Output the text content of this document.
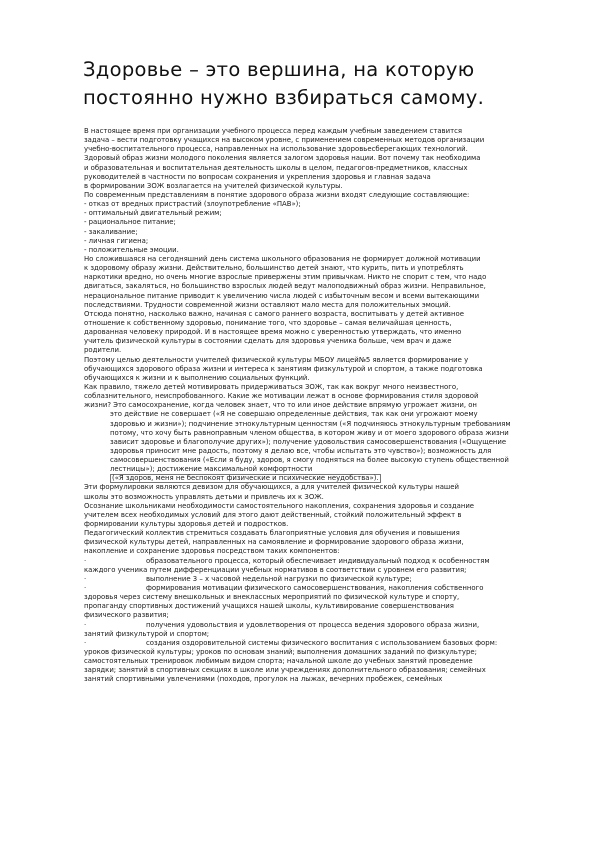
Здоровье – это вершина, на которую
постоянно нужно взбираться самому.
В настоящее время при организации учебного процесса перед каждым учебным заведением ставится
задача – вести подготовку учащихся на высоком уровне, с применением современных методов организации
учебно-воспитательного процесса, направленных на использование здоровьесберегающих технологий.
Здоровый образ жизни молодого поколения является залогом здоровья нации. Вот почему так необходима
и образовательная и воспитательная деятельность школы в целом, педагогов-предметников, классных
руководителей в частности по вопросам сохранения и укрепления здоровья и главная задача
в формировании ЗОЖ возлагается на учителей физической культуры.
По современным представлениям в понятие здорового образа жизни входят следующие составляющие:
- отказ от вредных пристрастий (злоупотребление «ПАВ»);
- оптимальный двигательный режим;
- рациональное питание;
- закаливание;
- личная гигиена;
- положительные эмоции.
Но сложившаяся на сегодняшний день система школьного образования не формирует должной мотивации
к здоровому образу жизни. Действительно, большинство детей знают, что курить, пить и употреблять
наркотики вредно, но очень многие взрослые привержены этим привычкам. Никто не спорит с тем, что надо
двигаться, закаляться, но большинство взрослых людей ведут малоподвижный образ жизни. Неправильное,
нерациональное питание приводит к увеличению числа людей с избыточным весом и всеми вытекающими
последствиями. Трудности современной жизни оставляют мало места для положительных эмоций.
Отсюда понятно, насколько важно, начиная с самого раннего возраста, воспитывать у детей активное
отношение к собственному здоровью, понимание того, что здоровье – самая величайшая ценность,
дарованная человеку природой. И в настоящее время можно с уверенностью утверждать, что именно
учитель физической культуры в состоянии сделать для здоровья ученика больше, чем врач и даже
родители.
Поэтому целью деятельности учителей физической культуры МБОУ лицей№5 является формирование у
обучающихся здорового образа жизни и интереса к занятиям физкультурой и спортом, а также подготовка
обучающихся к жизни и к выполнению социальных функций.
Как правило, тяжело детей мотивировать придерживаться ЗОЖ, так как вокруг много неизвестного,
соблазнительного, неиспробованного. Какие же мотивации лежат в основе формирования стиля здоровой
жизни? Это самосохранение, когда человек знает, что то или иное действие впрямую угрожает жизни, он
это действие не совершает («Я не совершаю определенные действия, так как они угрожают моему
здоровью и жизни»); подчинение этнокультурным ценностям («Я подчиняюсь этнокультурным требованиям
потому, что хочу быть равноправным членом общества, в котором живу и от моего здорового образа жизни
зависит здоровье и благополучие других»); получение удовольствия самосовершенствования («Ощущение
здоровья приносит мне радость, поэтому я делаю все, чтобы испытать это чувство»); возможность для
самосовершенствования («Если я буду, здоров, я смогу подняться на более высокую ступень общественной
лестницы»); достижение максимальной комфортности
(«Я здоров, меня не беспокоят физические и психические неудобства»).
Эти формулировки являются девизом для обучающихся, а для учителей физической культуры нашей
школы это возможность управлять детьми и привлечь их к ЗОЖ.
Осознание школьниками необходимости самостоятельного накопления, сохранения здоровья и создание
учителем всех необходимых условий для этого дают действенный, стойкий положительный эффект в
формировании культуры здоровья детей и подростков.
Педагогический коллектив стремиться создавать благоприятные условия для обучения и повышения
физической культуры детей, направленных на самоявление и формирование здорового образа жизни,
накопление и сохранение здоровья посредством таких компонентов:
·	образовательного процесса, который обеспечивает индивидуальный подход к особенностям
каждого ученика путем дифференциации учебных нормативов в соответствии с уровнем его развития;
·	выполнение 3 – х часовой недельной нагрузки по физической культуре;
·	формирования мотивации физического самосовершенствования, накопления собственного
здоровья через систему внешкольных и внеклассных мероприятий по физической культуре и спорту,
пропаганду спортивных достижений учащихся нашей школы, культивирование совершенствования
физического развития;
·	получения удовольствия и удовлетворения от процесса ведения здорового образа жизни,
занятий физкультурой и спортом;
·	создания оздоровительной системы физического воспитания с использованием базовых форм:
уроков физической культуры; уроков по основам знаний; выполнения домашних заданий по физкультуре;
самостоятельных тренировок любимым видом спорта; начальной школе до учебных занятий проведение
зарядки; занятий в спортивных секциях в школе или учреждениях дополнительного образования; семейных
занятий спортивными увлечениями (походов, прогулок на лыжах, вечерних пробежек, семейных
